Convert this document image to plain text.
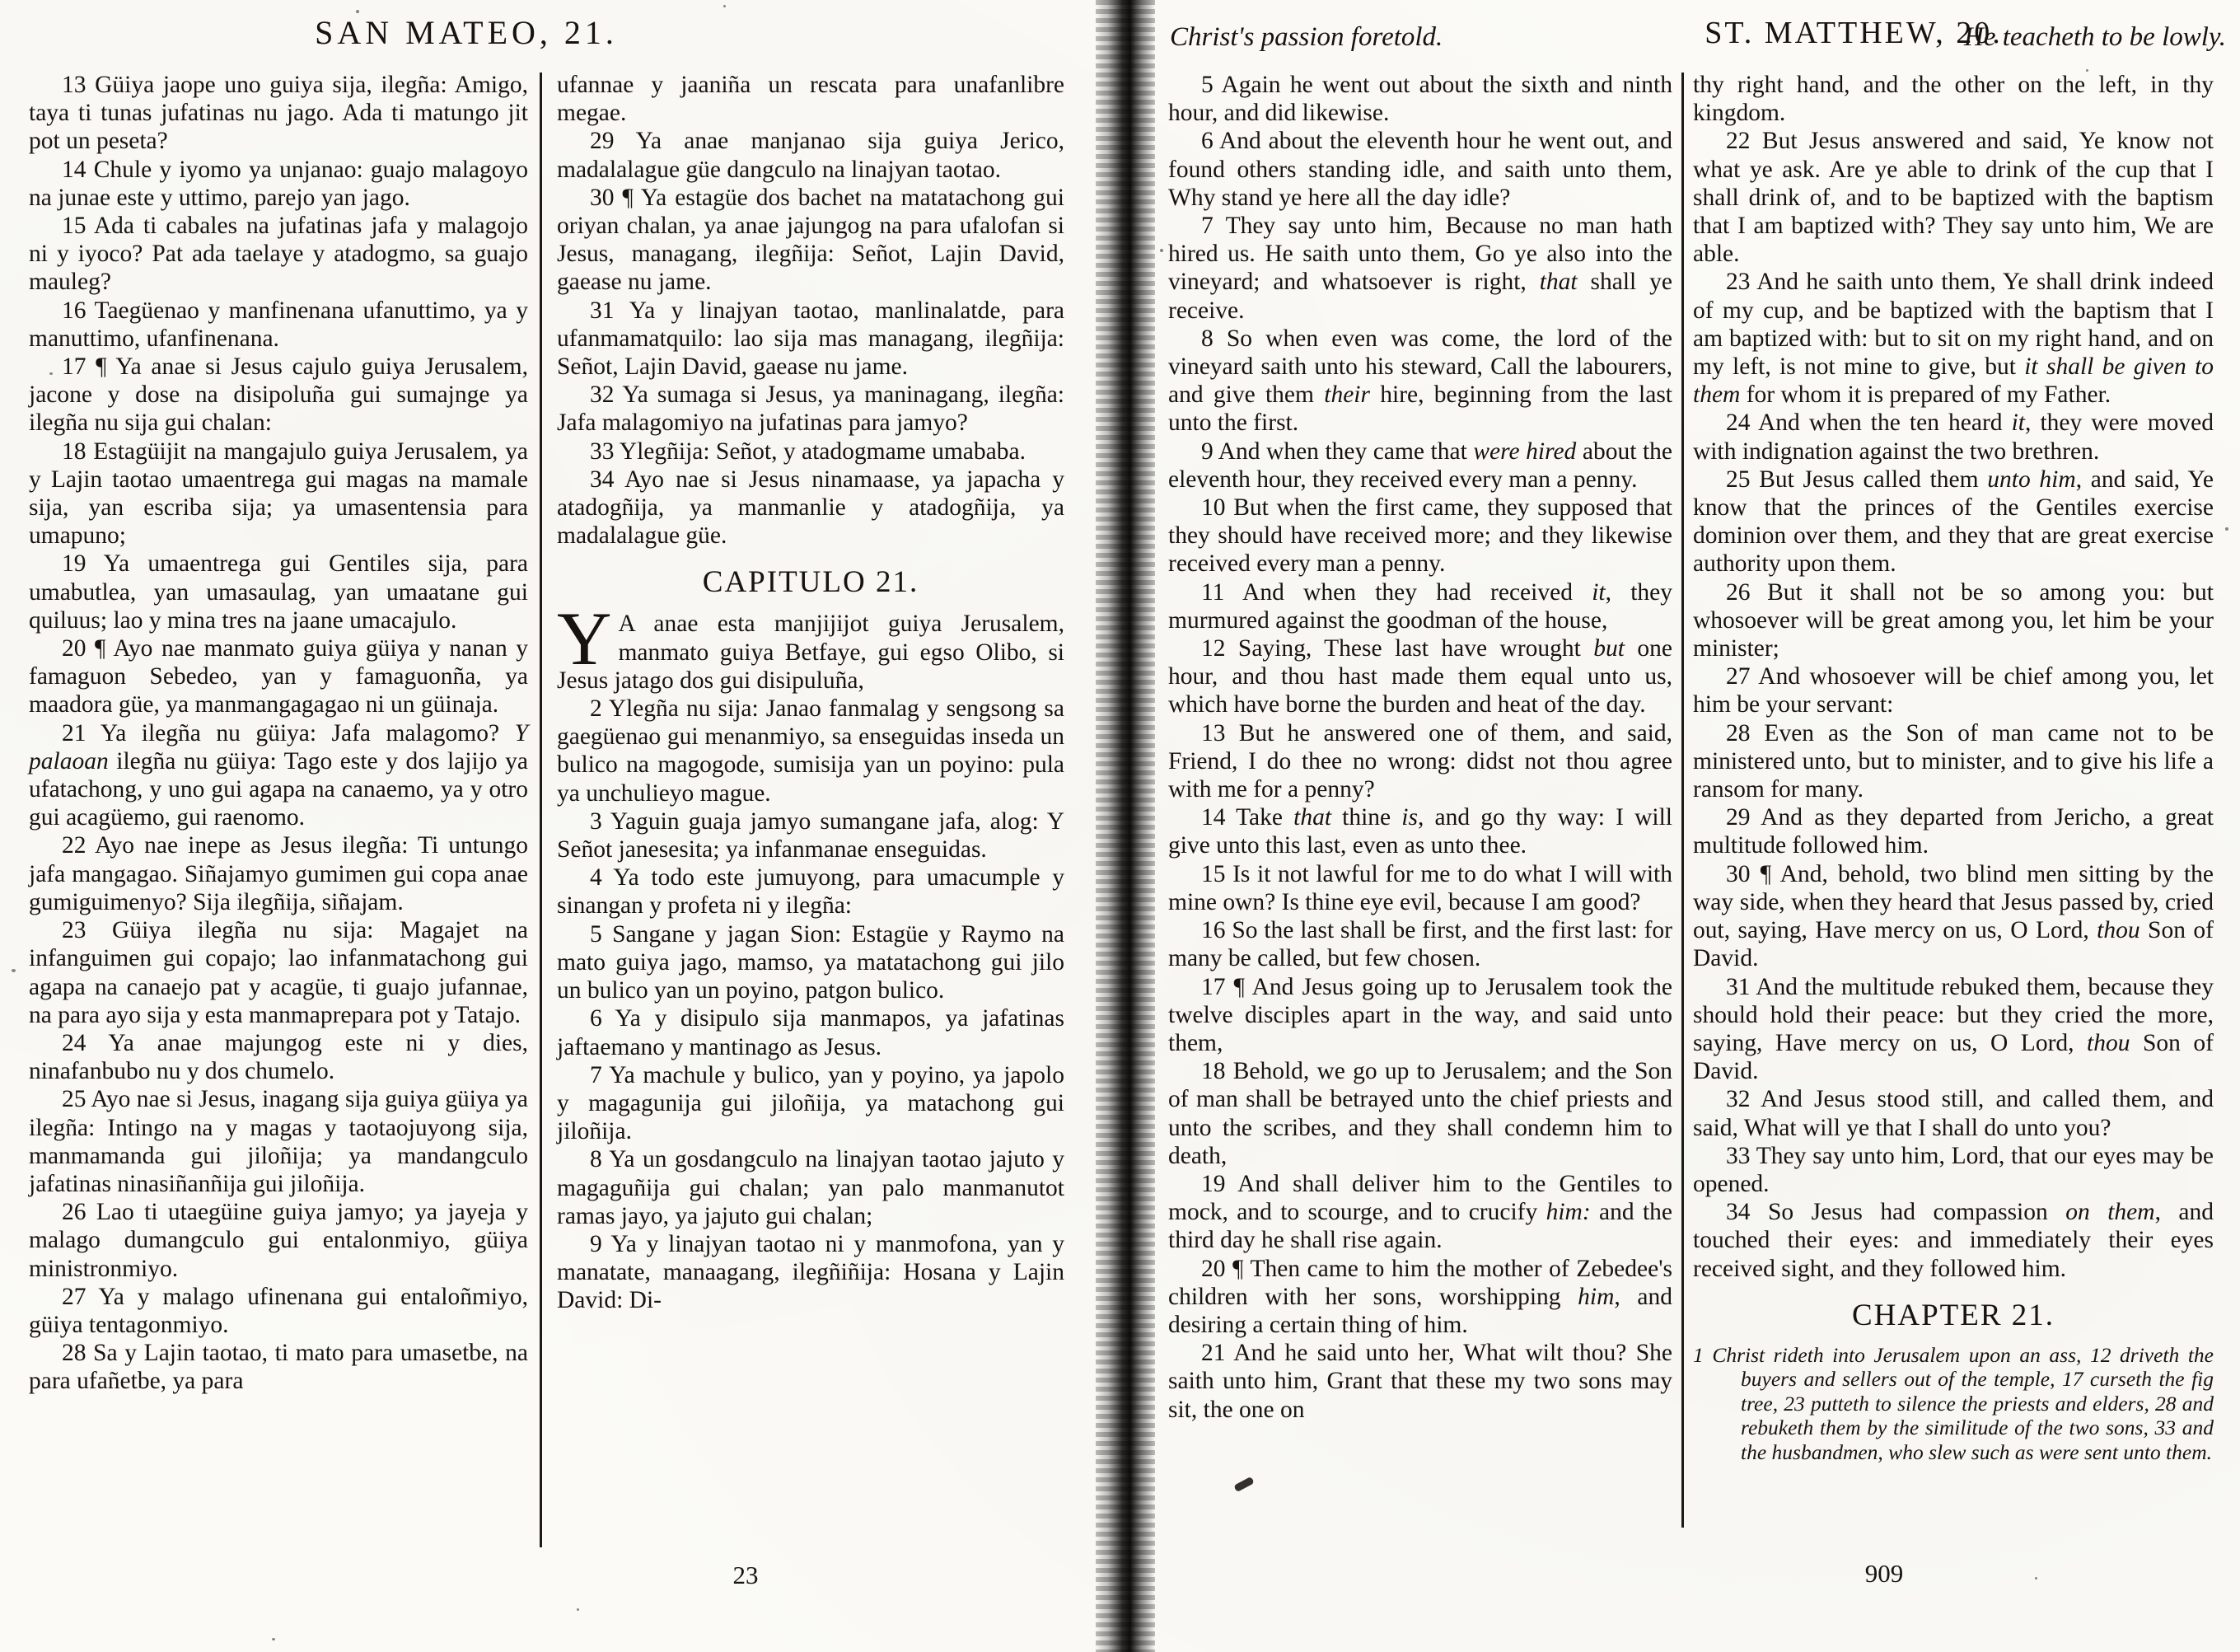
SAN MATEO, 21.

13 Güiya jaope uno guiya sija, ilegña: Amigo, taya ti tunas jufatinas nu jago. Ada ti matungo jit pot un peseta?

14 Chule y iyomo ya unjanao: guajo malagoyo na junae este y uttimo, parejo yan jago.

15 Ada ti cabales na jufatinas jafa y malagojo ni y iyoco? Pat ada taelaye y atadogmo, sa guajo mauleg?

16 Taegüenao y manfinenana ufanuttimo, ya y manuttimo, ufanfinenana.

17 ¶ Ya anae si Jesus cajulo guiya Jerusalem, jacone y dose na disipoluña gui sumajnge ya ilegña nu sija gui chalan:

18 Estagüijit na mangajulo guiya Jerusalem, ya y Lajin taotao umaentrega gui magas na mamale sija, yan escriba sija; ya umasentensia para umapuno;

19 Ya umaentrega gui Gentiles sija, para umabutlea, yan umasaulag, yan umaatane gui quiluus; lao y mina tres na jaane umacajulo.

20 ¶ Ayo nae manmato guiya güiya y nanan y famaguon Sebedeo, yan y famaguonña, ya maadora güe, ya manmangagagao ni un güinaja.

21 Ya ilegña nu güiya: Jafa malagomo? Y palaoan ilegña nu güiya: Tago este y dos lajijo ya ufatachong, y uno gui agapa na canaemo, ya y otro gui acagüemo, gui raenomo.

22 Ayo nae inepe as Jesus ilegña: Ti untungo jafa mangagao. Siñajamyo gumimen gui copa anae gumiguimenyo? Sija ilegñija, siñajam.

23 Güiya ilegña nu sija: Magajet na infanguimen gui copajo; lao infanmatachong gui agapa na canaejo pat y acagüe, ti guajo jufannae, na para ayo sija y esta manmaprepara pot y Tatajo.

24 Ya anae majungog este ni y dies, ninafanbubo nu y dos chumelo.

25 Ayo nae si Jesus, inagang sija guiya güiya ya ilegña: Intingo na y magas y taotaojuyong sija, manmamanda gui jiloñija; ya mandangculo jafatinas ninasiñanñija gui jiloñija.

26 Lao ti utaegüine guiya jamyo; ya jayeja y malago dumangculo gui entalonmiyo, güiya ministronmiyo.

27 Ya y malago ufinenana gui entaloñmiyo, güiya tentagonmiyo.

28 Sa y Lajin taotao, ti mato para umasetbe, na para ufañetbe, ya para

ufannae y jaaniña un rescata para unafanlibre megae.

29 Ya anae manjanao sija guiya Jerico, madalalague güe dangculo na linajyan taotao.

30 ¶ Ya estagüe dos bachet na matatachong gui oriyan chalan, ya anae jajungog na para ufalofan si Jesus, managang, ilegñija: Señot, Lajin David, gaease nu jame.

31 Ya y linajyan taotao, manlinalatde, para ufanmamatquilo: lao sija mas managang, ilegñija: Señot, Lajin David, gaease nu jame.

32 Ya sumaga si Jesus, ya maninagang, ilegña: Jafa malagomiyo na jufatinas para jamyo?

33 Ylegñija: Señot, y atadogmame umababa.

34 Ayo nae si Jesus ninamaase, ya japacha y atadogñija, ya manmanlie y atadogñija, ya madalalague güe.

CAPITULO 21.

Y A anae esta manjijijot guiya Jerusalem, manmato guiya Betfaye, gui egso Olibo, si Jesus jatago dos gui disipuluña,

2 Ylegña nu sija: Janao fanmalag y sengsong sa gaegüenao gui menanmiyo, sa enseguidas inseda un bulico na magogode, sumisija yan un poyino: pula ya unchulieyo mague.

3 Yaguin guaja jamyo sumangane jafa, alog: Y Señot janesesita; ya infanmanae enseguidas.

4 Ya todo este jumuyong, para umacumple y sinangan y profeta ni y ilegña:

5 Sangane y jagan Sion: Estagüe y Raymo na mato guiya jago, mamso, ya matatachong gui jilo un bulico yan un poyino, patgon bulico.

6 Ya y disipulo sija manmapos, ya jafatinas jaftaemano y mantinago as Jesus.

7 Ya machule y bulico, yan y poyino, ya japolo y magagunija gui jiloñija, ya matachong gui jiloñija.

8 Ya un gosdangculo na linajyan taotao jajuto y magaguñija gui chalan; yan palo manmanutot ramas jayo, ya jajuto gui chalan;

9 Ya y linajyan taotao ni y manmofona, yan y manatate, manaagang, ilegñiñija: Hosana y Lajin David: Di-

23
Christ's passion foretold.	ST. MATTHEW, 20.
He teacheth to be lowly.

5 Again he went out about the sixth and ninth hour, and did likewise.

6 And about the eleventh hour he went out, and found others standing idle, and saith unto them, Why stand ye here all the day idle?

7 They say unto him, Because no man hath hired us. He saith unto them, Go ye also into the vineyard; and whatsoever is right, that shall ye receive.

8 So when even was come, the lord of the vineyard saith unto his steward, Call the labourers, and give them their hire, beginning from the last unto the first.

9 And when they came that were hired about the eleventh hour, they received every man a penny.

10 But when the first came, they supposed that they should have received more; and they likewise received every man a penny.

11 And when they had received it, they murmured against the goodman of the house,

12 Saying, These last have wrought but one hour, and thou hast made them equal unto us, which have borne the burden and heat of the day.

13 But he answered one of them, and said, Friend, I do thee no wrong: didst not thou agree with me for a penny?

14 Take that thine is, and go thy way: I will give unto this last, even as unto thee.

15 Is it not lawful for me to do what I will with mine own? Is thine eye evil, because I am good?

16 So the last shall be first, and the first last: for many be called, but few chosen.

17 ¶ And Jesus going up to Jerusalem took the twelve disciples apart in the way, and said unto them,

18 Behold, we go up to Jerusalem; and the Son of man shall be betrayed unto the chief priests and unto the scribes, and they shall condemn him to death,

19 And shall deliver him to the Gentiles to mock, and to scourge, and to crucify him: and the third day he shall rise again.

20 ¶ Then came to him the mother of Zebedee's children with her sons, worshipping him, and desiring a certain thing of him.

21 And he said unto her, What wilt thou? She saith unto him, Grant that these my two sons may sit, the one on

thy right hand, and the other on the left, in thy kingdom.

22 But Jesus answered and said, Ye know not what ye ask. Are ye able to drink of the cup that I shall drink of, and to be baptized with the baptism that I am baptized with? They say unto him, We are able.

23 And he saith unto them, Ye shall drink indeed of my cup, and be baptized with the baptism that I am baptized with: but to sit on my right hand, and on my left, is not mine to give, but it shall be given to them for whom it is prepared of my Father.

24 And when the ten heard it, they were moved with indignation against the two brethren.

25 But Jesus called them unto him, and said, Ye know that the princes of the Gentiles exercise dominion over them, and they that are great exercise authority upon them.

26 But it shall not be so among you: but whosoever will be great among you, let him be your minister;

27 And whosoever will be chief among you, let him be your servant:

28 Even as the Son of man came not to be ministered unto, but to minister, and to give his life a ransom for many.

29 And as they departed from Jericho, a great multitude followed him.

30 ¶ And, behold, two blind men sitting by the way side, when they heard that Jesus passed by, cried out, saying, Have mercy on us, O Lord, thou Son of David.

31 And the multitude rebuked them, because they should hold their peace: but they cried the more, saying, Have mercy on us, O Lord, thou Son of David.

32 And Jesus stood still, and called them, and said, What will ye that I shall do unto you?

33 They say unto him, Lord, that our eyes may be opened.

34 So Jesus had compassion on them, and touched their eyes: and immediately their eyes received sight, and they followed him.

CHAPTER 21.

1 Christ rideth into Jerusalem upon an ass, 12 driveth the buyers and sellers out of the temple, 17 curseth the fig tree, 23 putteth to silence the priests and elders, 28 and rebuketh them by the similitude of the two sons, 33 and the husbandmen, who slew such as were sent unto them.

909
